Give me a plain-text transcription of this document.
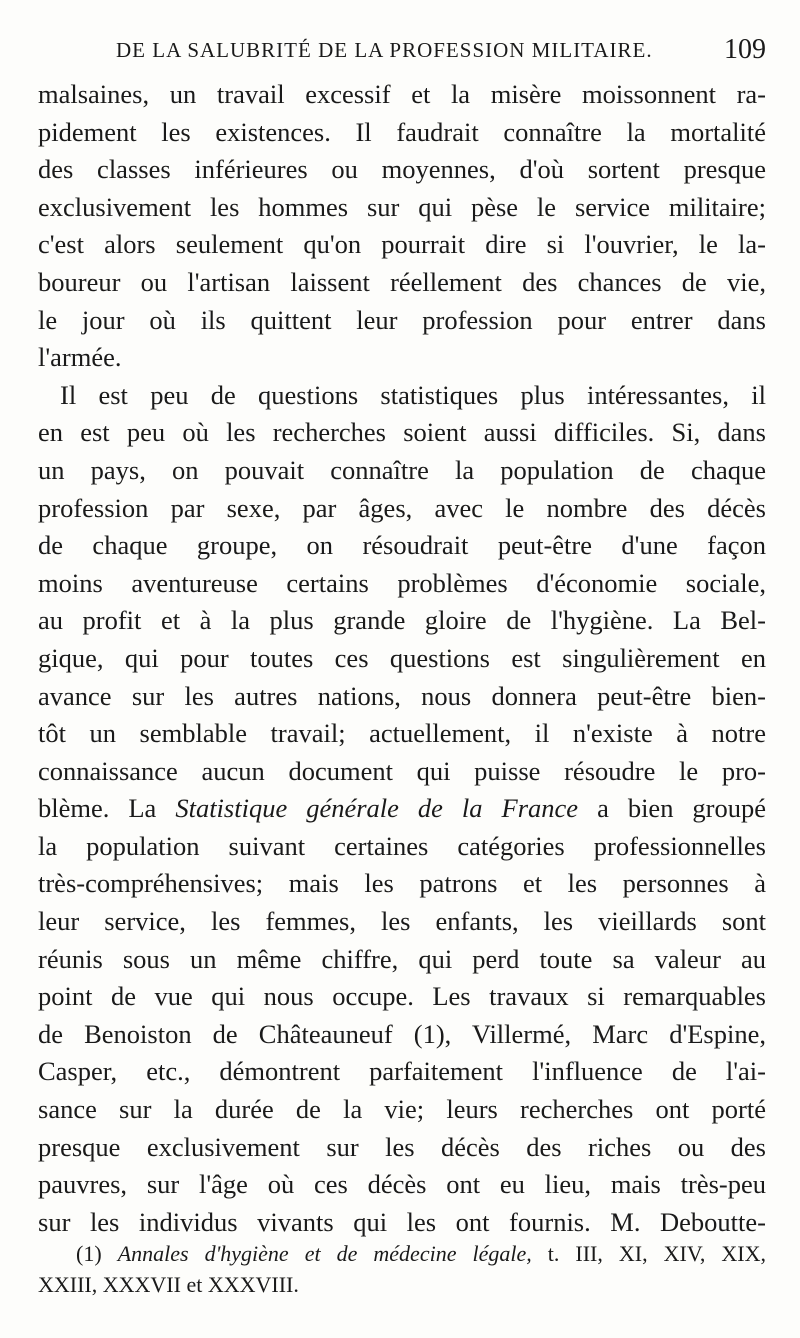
DE LA SALUBRITÉ DE LA PROFESSION MILITAIRE.	109
malsaines, un travail excessif et la misère moissonnent ra-
pidement les existences. Il faudrait connaître la mortalité
des classes inférieures ou moyennes, d'où sortent presque
exclusivement les hommes sur qui pèse le service militaire;
c'est alors seulement qu'on pourrait dire si l'ouvrier, le la-
boureur ou l'artisan laissent réellement des chances de vie,
le jour où ils quittent leur profession pour entrer dans
l'armée.
Il est peu de questions statistiques plus intéressantes, il
en est peu où les recherches soient aussi difficiles. Si, dans
un pays, on pouvait connaître la population de chaque
profession par sexe, par âges, avec le nombre des décès
de chaque groupe, on résoudrait peut-être d'une façon
moins aventureuse certains problèmes d'économie sociale,
au profit et à la plus grande gloire de l'hygiène. La Bel-
gique, qui pour toutes ces questions est singulièrement en
avance sur les autres nations, nous donnera peut-être bien-
tôt un semblable travail; actuellement, il n'existe à notre
connaissance aucun document qui puisse résoudre le pro-
blème. La Statistique générale de la France a bien groupé
la population suivant certaines catégories professionnelles
très-compréhensives; mais les patrons et les personnes à
leur service, les femmes, les enfants, les vieillards sont
réunis sous un même chiffre, qui perd toute sa valeur au
point de vue qui nous occupe. Les travaux si remarquables
de Benoiston de Châteauneuf (1), Villermé, Marc d'Espine,
Casper, etc., démontrent parfaitement l'influence de l'ai-
sance sur la durée de la vie; leurs recherches ont porté
presque exclusivement sur les décès des riches ou des
pauvres, sur l'âge où ces décès ont eu lieu, mais très-peu
sur les individus vivants qui les ont fournis. M. Deboutte-
(1) Annales d'hygiène et de médecine légale, t. III, XI, XIV, XIX,
XXIII, XXXVII et XXXVIII.
